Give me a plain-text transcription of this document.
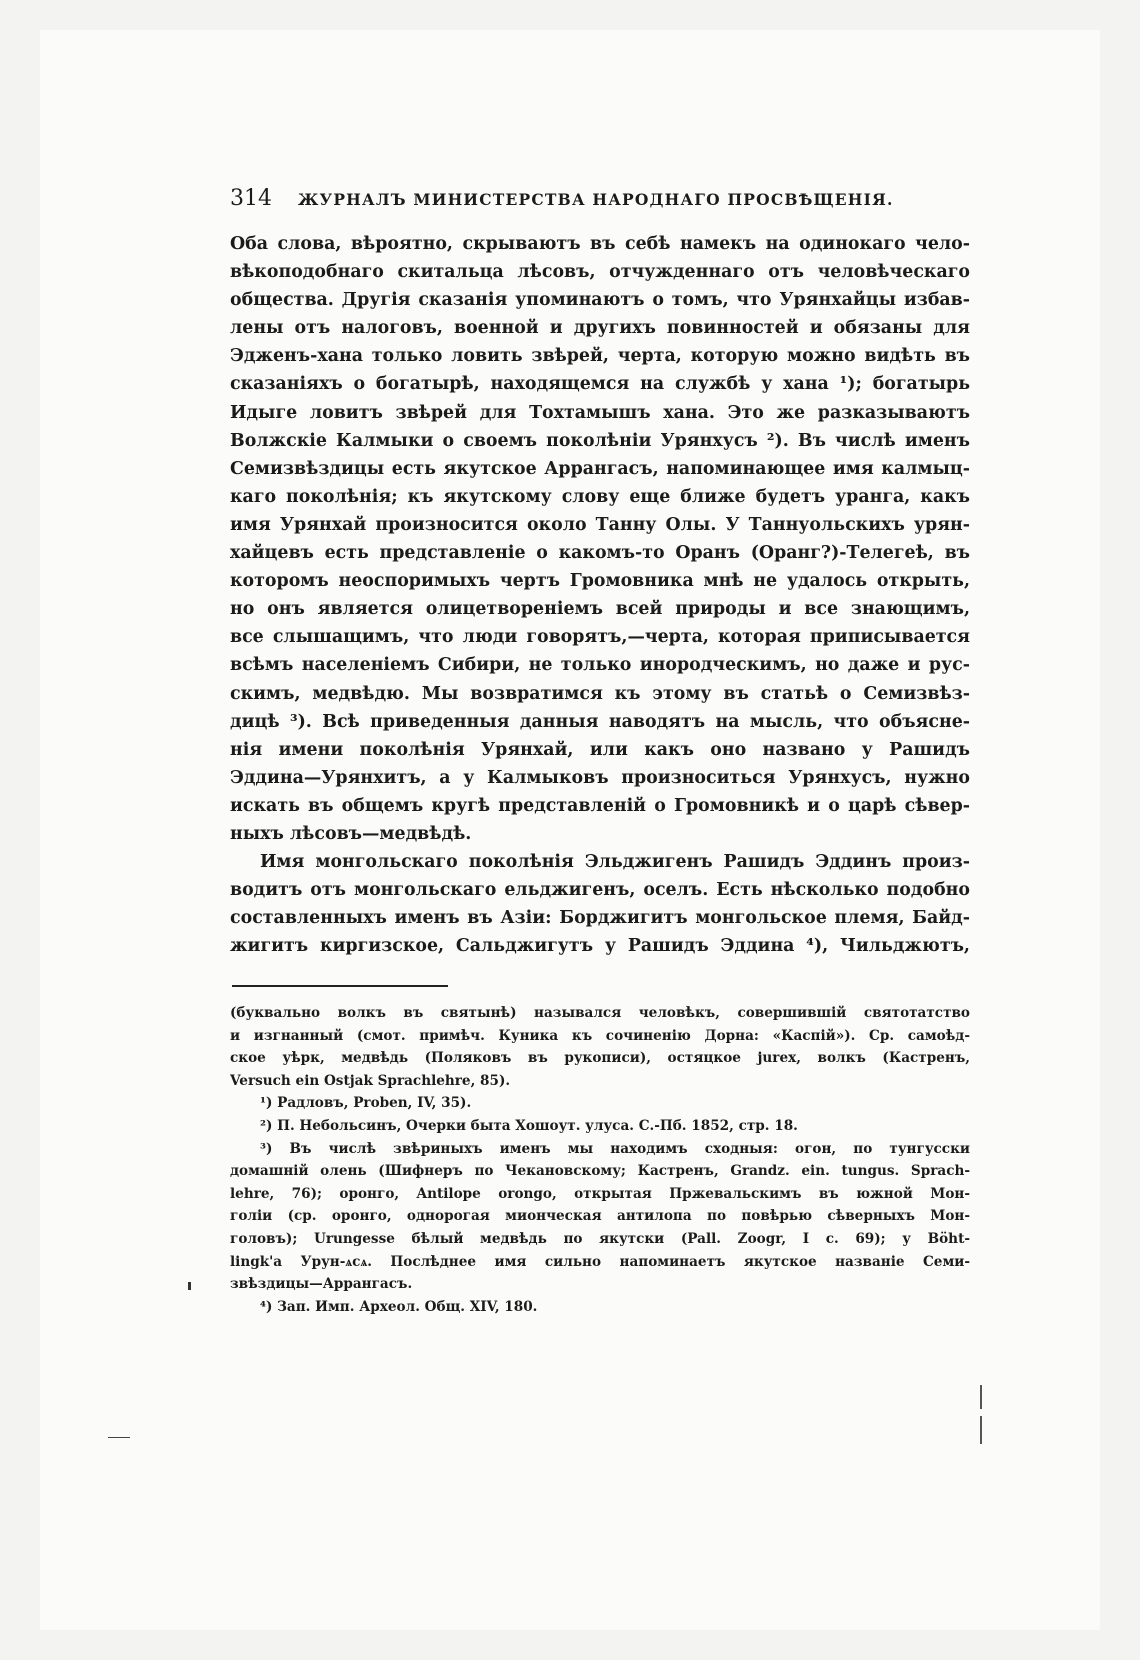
314 ЖУРНАЛЪ МИНИСТЕРСТВА НАРОДНАГО ПРОСВѢЩЕНІЯ.
Оба слова, вѣроятно, скрываютъ въ себѣ намекъ на одинокаго чело-
вѣкоподобнаго скитальца лѣсовъ, отчужденнаго отъ человѣческаго
общества. Другія сказанія упоминаютъ о томъ, что Урянхайцы избав-
лены отъ налоговъ, военной и другихъ повинностей и обязаны для
Эдженъ-хана только ловить звѣрей, черта, которую можно видѣть въ
сказаніяхъ о богатырѣ, находящемся на службѣ у хана ¹); богатырь
Идыге ловитъ звѣрей для Тохтамышъ хана. Это же разказываютъ
Волжскіе Калмыки о своемъ поколѣніи Урянхусъ ²). Въ числѣ именъ
Семизвѣздицы есть якутское Аррангасъ, напоминающее имя калмыц-
каго поколѣнія; къ якутскому слову еще ближе будетъ уранга, какъ
имя Урянхай произносится около Танну Олы. У Таннуольскихъ урян-
хайцевъ есть представленіе о какомъ-то Оранъ (Оранг?)-Телегеѣ, въ
которомъ неоспоримыхъ чертъ Громовника мнѣ не удалось открыть,
но онъ является олицетвореніемъ всей природы и все знающимъ,
все слышащимъ, что люди говорятъ,—черта, которая приписывается
всѣмъ населеніемъ Сибири, не только инородческимъ, но даже и рус-
скимъ, медвѣдю. Мы возвратимся къ этому въ статьѣ о Семизвѣз-
дицѣ ³). Всѣ приведенныя данныя наводятъ на мысль, что объясне-
нія имени поколѣнія Урянхай, или какъ оно названо у Рашидъ
Эддина—Урянхитъ, а у Калмыковъ произноситься Урянхусъ, нужно
искать въ общемъ кругѣ представленій о Громовникѣ и о царѣ сѣвер-
ныхъ лѣсовъ—медвѣдѣ.
Имя монгольскаго поколѣнія Эльджигенъ Рашидъ Эддинъ произ-
водитъ отъ монгольскаго ельджигенъ, оселъ. Есть нѣсколько подобно
составленныхъ именъ въ Азіи: Борджигитъ монгольское племя, Байд-
жигитъ киргизское, Сальджигутъ у Рашидъ Эддина ⁴), Чильджютъ,
(буквально волкъ въ святынѣ) назывался человѣкъ, совершившій святотатство
и изгнанный (смот. примѣч. Куника къ сочиненію Дорна: «Каспій»). Ср. самоѣд-
ское уѣрк, медвѣдь (Поляковъ въ рукописи), остяцкое jurex, волкъ (Кастренъ,
Versuch ein Ostjak Sprachlehre, 85).
¹) Радловъ, Proben, IV, 35).
²) П. Небольсинъ, Очерки быта Хошоут. улуса. С.-Пб. 1852, стр. 18.
³) Въ числѣ звѣриныхъ именъ мы находимъ сходныя: огон, по тунгусски
домашній олень (Шифнеръ по Чекановскому; Кастренъ, Grandz. ein. tungus. Sprach-
lehre, 76); оронго, Antilope orongo, открытая Пржевальскимъ въ южной Мон-
голіи (ср. оронго, однорогая мионческая антилопа по повѣрью сѣверныхъ Мон-
головъ); Urungesse бѣлый медвѣдь по якутски (Pall. Zoogr, I c. 69); у Böht-
lingk'a Урун-ѧсѧ. Послѣднее имя сильно напоминаетъ якутское названіе Семи-
звѣздицы—Аррангасъ.
⁴) Зап. Имп. Археол. Общ. XIV, 180.
